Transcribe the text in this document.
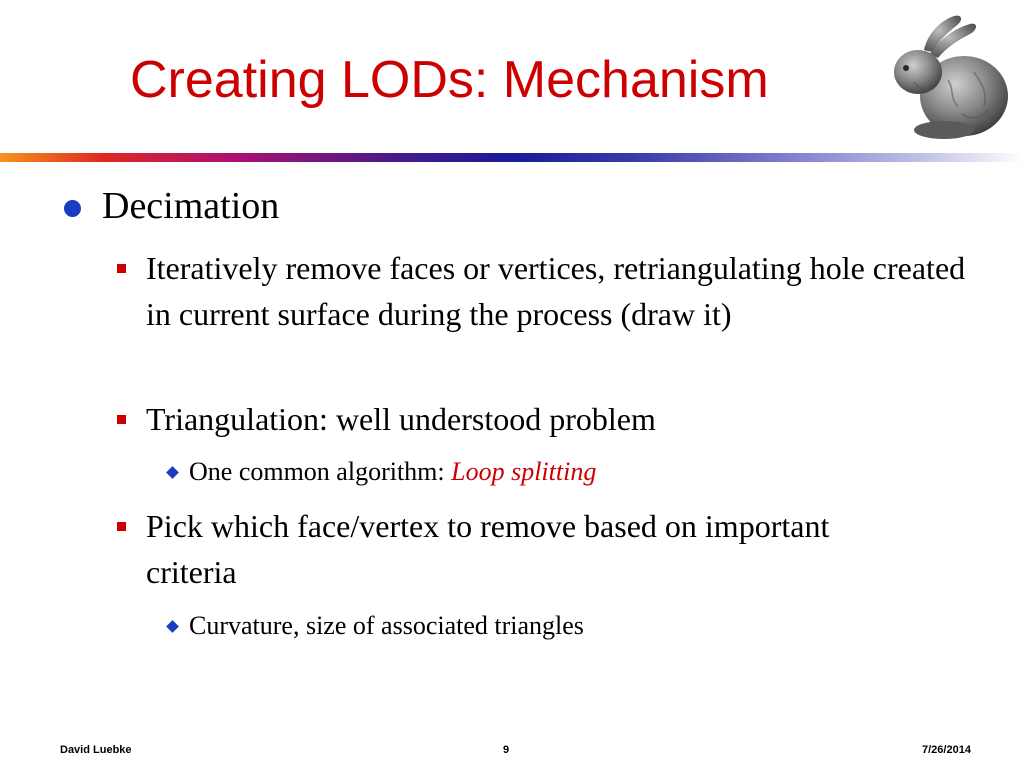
Creating LODs: Mechanism
Decimation
Iteratively remove faces or vertices, retriangulating hole created in current surface during the process (draw it)
Triangulation: well understood problem
One common algorithm: Loop splitting
Pick which face/vertex to remove based on important criteria
Curvature, size of associated triangles
David Luebke	9	7/26/2014
